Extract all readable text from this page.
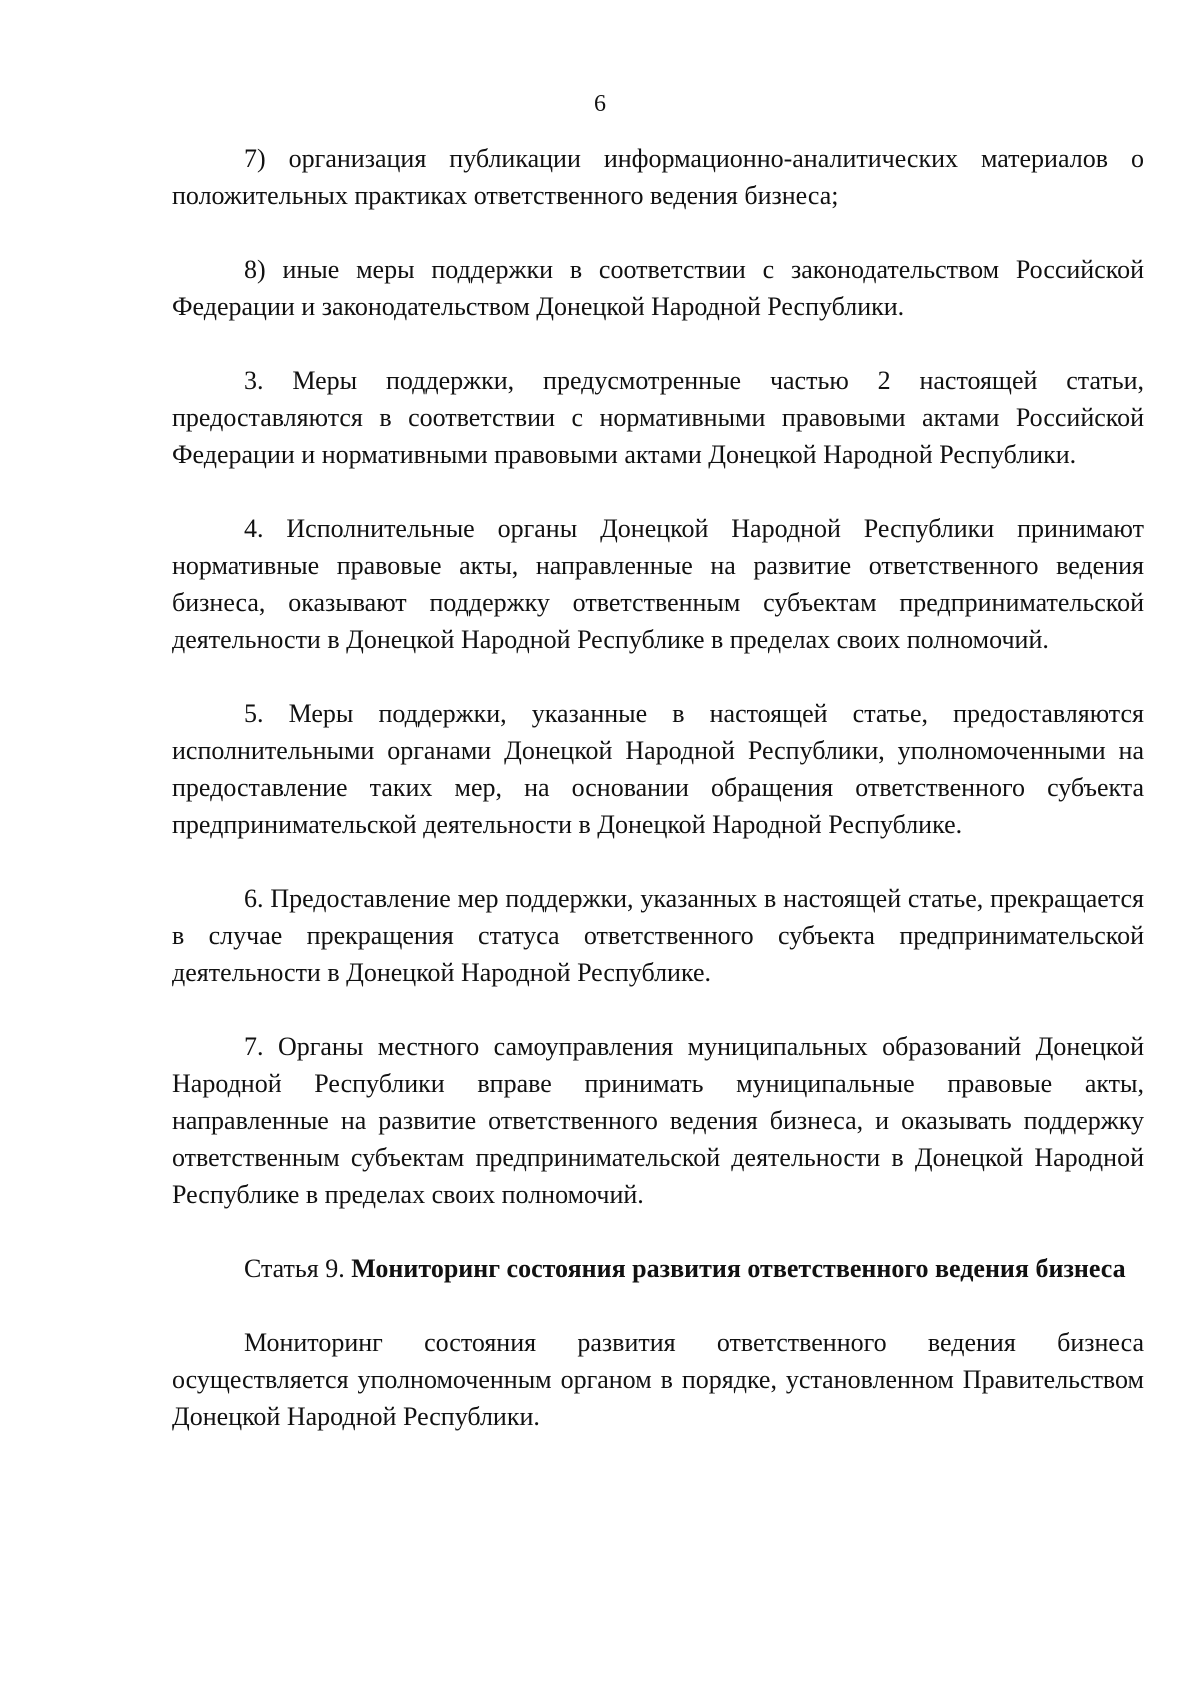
6

7) организация публикации информационно-аналитических материалов о положительных практиках ответственного ведения бизнеса;

8) иные меры поддержки в соответствии с законодательством Российской Федерации и законодательством Донецкой Народной Республики.

3. Меры поддержки, предусмотренные частью 2 настоящей статьи, предоставляются в соответствии с нормативными правовыми актами Российской Федерации и нормативными правовыми актами Донецкой Народной Республики.

4. Исполнительные органы Донецкой Народной Республики принимают нормативные правовые акты, направленные на развитие ответственного ведения бизнеса, оказывают поддержку ответственным субъектам предпринимательской деятельности в Донецкой Народной Республике в пределах своих полномочий.

5. Меры поддержки, указанные в настоящей статье, предоставляются исполнительными органами Донецкой Народной Республики, уполномоченными на предоставление таких мер, на основании обращения ответственного субъекта предпринимательской деятельности в Донецкой Народной Республике.

6. Предоставление мер поддержки, указанных в настоящей статье, прекращается в случае прекращения статуса ответственного субъекта предпринимательской деятельности в Донецкой Народной Республике.

7. Органы местного самоуправления муниципальных образований Донецкой Народной Республики вправе принимать муниципальные правовые акты, направленные на развитие ответственного ведения бизнеса, и оказывать поддержку ответственным субъектам предпринимательской деятельности в Донецкой Народной Республике в пределах своих полномочий.

Статья 9. Мониторинг состояния развития ответственного ведения бизнеса

Мониторинг состояния развития ответственного ведения бизнеса осуществляется уполномоченным органом в порядке, установленном Правительством Донецкой Народной Республики.
